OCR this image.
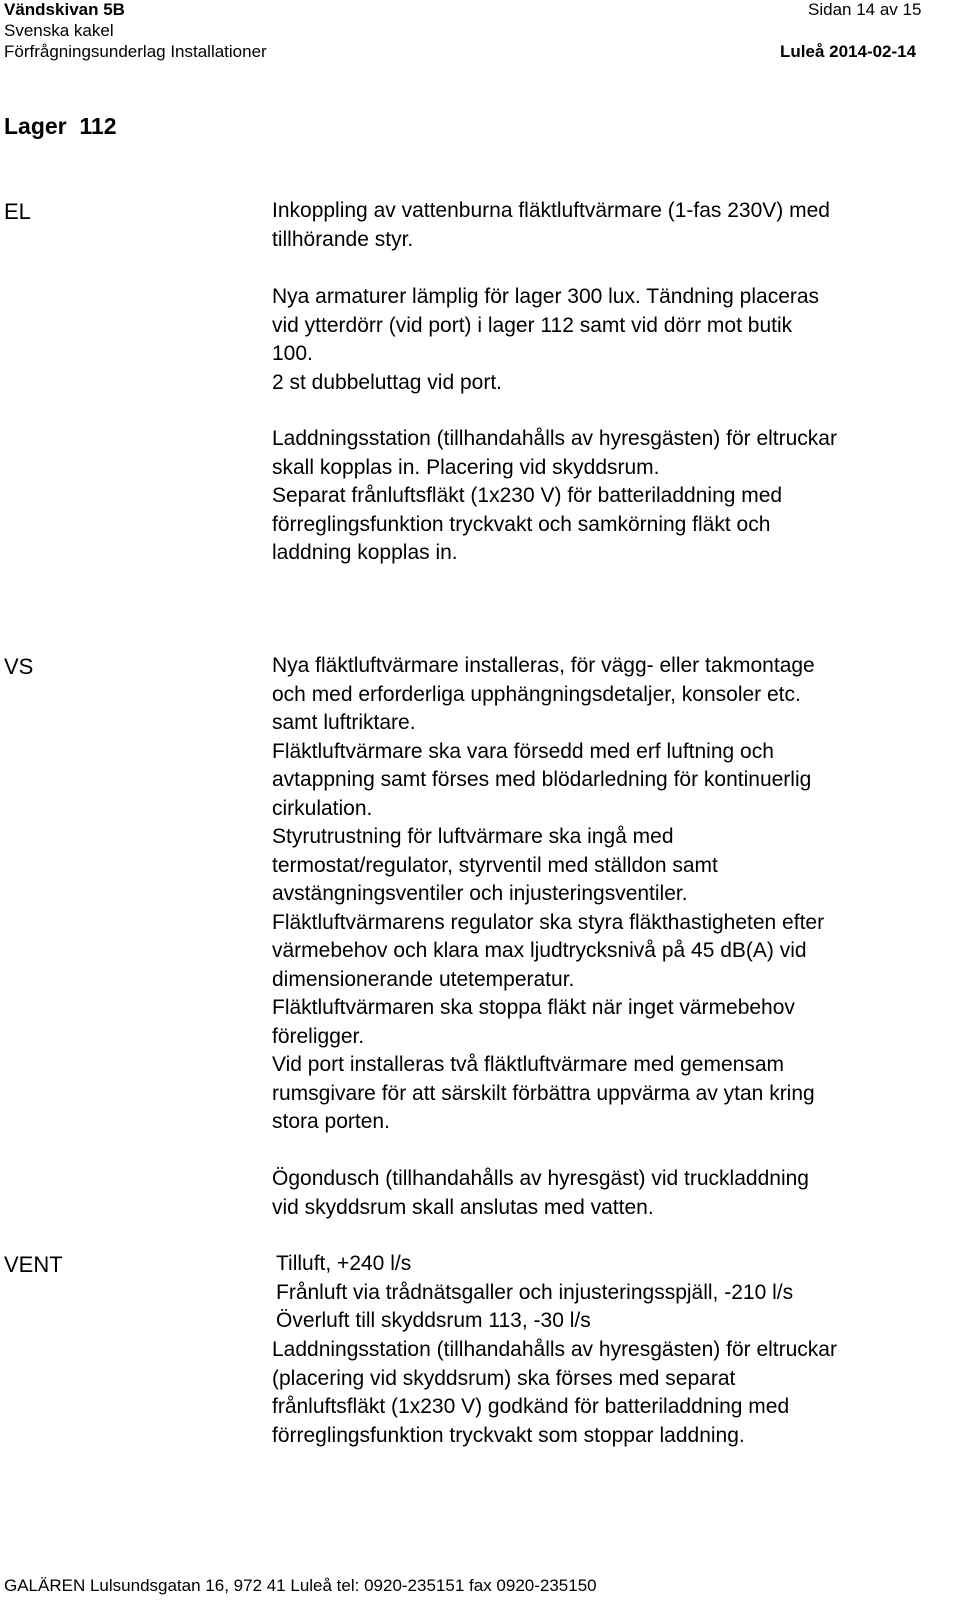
Vändskivan 5B	Sidan 14 av 15
Svenska kakel
Förfrågningsunderlag Installationer	Luleå 2014-02-14
Lager  112
EL	Inkoppling av vattenburna fläktluftvärmare (1-fas 230V) med
tillhörande styr.
Nya armaturer lämplig för lager 300 lux. Tändning placeras
vid ytterdörr (vid port) i lager 112 samt vid dörr mot butik
100.
2 st dubbeluttag vid port.
Laddningsstation (tillhandahålls av hyresgästen) för eltruckar
skall kopplas in. Placering vid skyddsrum.
Separat frånluftsfläkt (1x230 V) för batteriladdning med
förreglingsfunktion tryckvakt och samkörning fläkt och
laddning kopplas in.
VS	Nya fläktluftvärmare installeras, för vägg- eller takmontage
och med erforderliga upphängningsdetaljer, konsoler etc.
samt luftriktare.
Fläktluftvärmare ska vara försedd med erf luftning och
avtappning samt förses med blödarledning för kontinuerlig
cirkulation.
Styrutrustning för luftvärmare ska ingå med
termostat/regulator, styrventil med ställdon samt
avstängningsventiler och injusteringsventiler.
Fläktluftvärmarens regulator ska styra fläkthastigheten efter
värmebehov och klara max ljudtrycksnivå på 45 dB(A) vid
dimensionerande utetemperatur.
Fläktluftvärmaren ska stoppa fläkt när inget värmebehov
föreligger.
Vid port installeras två fläktluftvärmare med gemensam
rumsgivare för att särskilt förbättra uppvärma av ytan kring
stora porten.
Ögondusch (tillhandahålls av hyresgäst) vid truckladdning
vid skyddsrum skall anslutas med vatten.
VENT	Tilluft, +240 l/s
Frånluft via trådnätsgaller och injusteringsspjäll, -210 l/s
Överluft till skyddsrum 113, -30 l/s
Laddningsstation (tillhandahålls av hyresgästen) för eltruckar
(placering vid skyddsrum) ska förses med separat
frånluftsfläkt (1x230 V) godkänd för batteriladdning med
förreglingsfunktion tryckvakt som stoppar laddning.
GALÄREN Lulsundsgatan 16, 972 41 Luleå tel: 0920-235151 fax 0920-235150
